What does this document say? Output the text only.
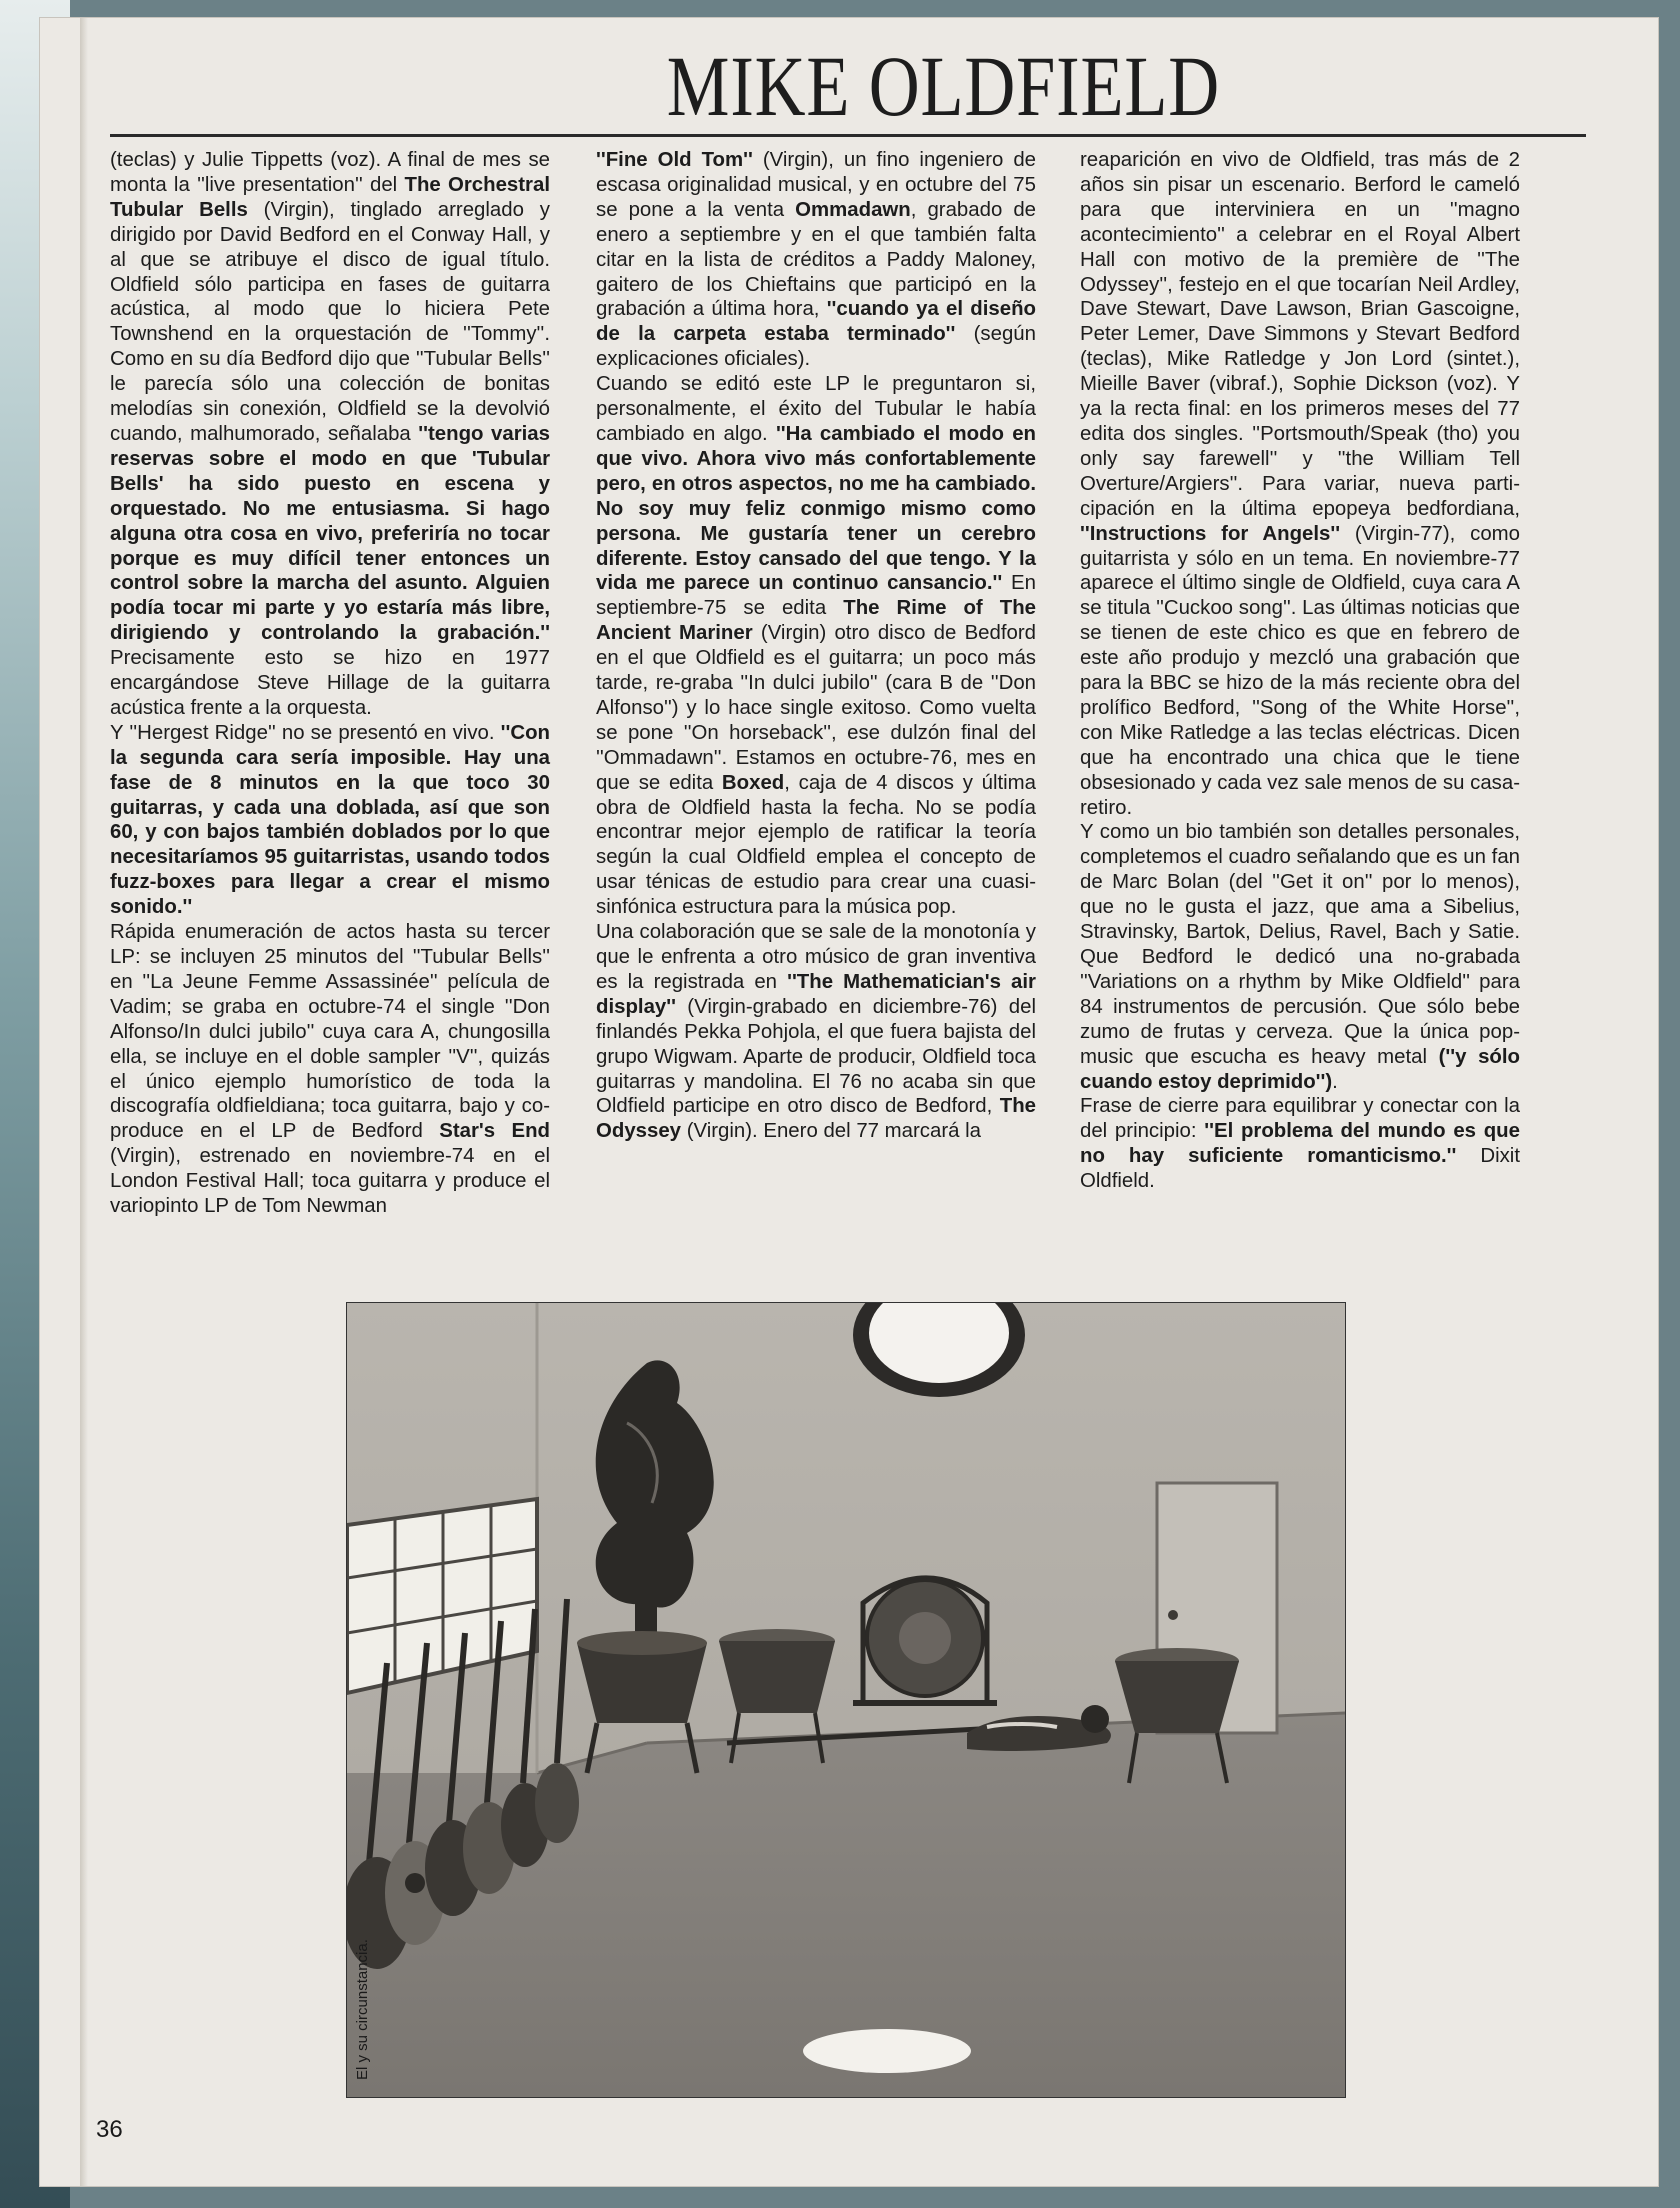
MIKE OLDFIELD

(teclas) y Julie Tippetts (voz). A final de mes se monta la ''live presentation'' del The Orchestral Tubular Bells (Virgin), tinglado arreglado y dirigido por David Bedford en el Conway Hall, y al que se atribuye el disco de igual título. Oldfield sólo participa en fases de guitarra acústica, al modo que lo hiciera Pete Townshend en la orquestación de ''Tommy''. Como en su día Bedford dijo que ''Tubular Bells'' le parecía sólo una colección de bonitas melodías sin conexión, Oldfield se la devolvió cuando, malhumorado, señalaba ''tengo varias reservas sobre el modo en que 'Tubular Bells' ha sido puesto en escena y orquestado. No me entusiasma. Si hago alguna otra cosa en vivo, preferiría no tocar porque es muy difícil tener entonces un control sobre la marcha del asunto. Alguien podía tocar mi parte y yo estaría más libre, dirigiendo y controlando la grabación.'' Precisamente esto se hizo en 1977 encargándose Steve Hillage de la guitarra acústica frente a la orquesta.

Y ''Hergest Ridge'' no se presentó en vivo. ''Con la segunda cara sería imposible. Hay una fase de 8 minutos en la que toco 30 guitarras, y cada una doblada, así que son 60, y con bajos también doblados por lo que necesitaríamos 95 guitarristas, usando todos fuzz-boxes para llegar a crear el mismo sonido.''

Rápida enumeración de actos hasta su tercer LP: se incluyen 25 minutos del ''Tubular Bells'' en ''La Jeune Femme Assassinée'' película de Vadim; se graba en octubre-74 el single ''Don Alfonso/In dulci jubilo'' cuya cara A, chungosilla ella, se incluye en el doble sampler ''V'', quizás el único ejemplo humorístico de toda la discografía oldfieldiana; toca guitarra, bajo y co-produce en el LP de Bedford Star's End (Virgin), estrenado en noviembre-74 en el London Festival Hall; toca guitarra y produce el variopinto LP de Tom Newman

''Fine Old Tom'' (Virgin), un fino ingeniero de escasa originalidad musical, y en octubre del 75 se pone a la venta Ommadawn, grabado de enero a septiembre y en el que también falta citar en la lista de créditos a Paddy Maloney, gaitero de los Chieftains que participó en la grabación a última hora, ''cuando ya el diseño de la carpeta estaba terminado'' (según explicaciones oficiales).

Cuando se editó este LP le preguntaron si, personalmente, el éxito del Tubular le había cambiado en algo. ''Ha cambiado el modo en que vivo. Ahora vivo más confortablemente pero, en otros aspectos, no me ha cambiado. No soy muy feliz conmigo mismo como persona. Me gustaría tener un cerebro diferente. Estoy cansado del que tengo. Y la vida me parece un continuo cansancio.'' En septiembre-75 se edita The Rime of The Ancient Mariner (Virgin) otro disco de Bedford en el que Oldfield es el guitarra; un poco más tarde, re-graba ''In dulci jubilo'' (cara B de ''Don Alfonso'') y lo hace single exitoso. Como vuelta se pone ''On horseback'', ese dulzón final del ''Ommadawn''. Estamos en octubre-76, mes en que se edita Boxed, caja de 4 discos y última obra de Oldfield hasta la fecha. No se podía encontrar mejor ejemplo de ratificar la teoría según la cual Oldfield emplea el concepto de usar ténicas de estudio para crear una cuasi-sinfónica estructura para la música pop.

Una colaboración que se sale de la monotonía y que le enfrenta a otro músico de gran inventiva es la registrada en ''The Mathematician's air display'' (Virgin-grabado en diciembre-76) del finlandés Pekka Pohjola, el que fuera bajista del grupo Wigwam. Aparte de producir, Oldfield toca guitarras y mandolina. El 76 no acaba sin que Oldfield participe en otro disco de Bedford, The Odyssey (Virgin). Enero del 77 marcará la

reaparición en vivo de Oldfield, tras más de 2 años sin pisar un escenario. Berford le cameló para que interviniera en un ''magno acontecimiento'' a celebrar en el Royal Albert Hall con motivo de la première de ''The Odyssey'', festejo en el que tocarían Neil Ardley, Dave Stewart, Dave Lawson, Brian Gascoigne, Peter Lemer, Dave Simmons y Stevart Bedford (teclas), Mike Ratledge y Jon Lord (sintet.), Mieille Baver (vibraf.), Sophie Dickson (voz). Y ya la recta final: en los primeros meses del 77 edita dos singles. ''Portsmouth/Speak (tho) you only say farewell'' y ''the William Tell Overture/Argiers''. Para variar, nueva participación en la última epopeya bedfordiana, ''Instructions for Angels'' (Virgin-77), como guitarrista y sólo en un tema. En noviembre-77 aparece el último single de Oldfield, cuya cara A se titula ''Cuckoo song''. Las últimas noticias que se tienen de este chico es que en febrero de este año produjo y mezcló una grabación que para la BBC se hizo de la más reciente obra del prolífico Bedford, ''Song of the White Horse'', con Mike Ratledge a las teclas eléctricas. Dicen que ha encontrado una chica que le tiene obsesionado y cada vez sale menos de su casa-retiro.

Y como un bio también son detalles personales, completemos el cuadro señalando que es un fan de Marc Bolan (del ''Get it on'' por lo menos), que no le gusta el jazz, que ama a Sibelius, Stravinsky, Bartok, Delius, Ravel, Bach y Satie. Que Bedford le dedicó una no-grabada ''Variations on a rhythm by Mike Oldfield'' para 84 instrumentos de percusión. Que sólo bebe zumo de frutas y cerveza. Que la única pop-music que escucha es heavy metal (''y sólo cuando estoy deprimido'').

Frase de cierre para equilibrar y conectar con la del principio: ''El problema del mundo es que no hay suficiente romanticismo.'' Dixit Oldfield.

El y su circunstancia.
36
